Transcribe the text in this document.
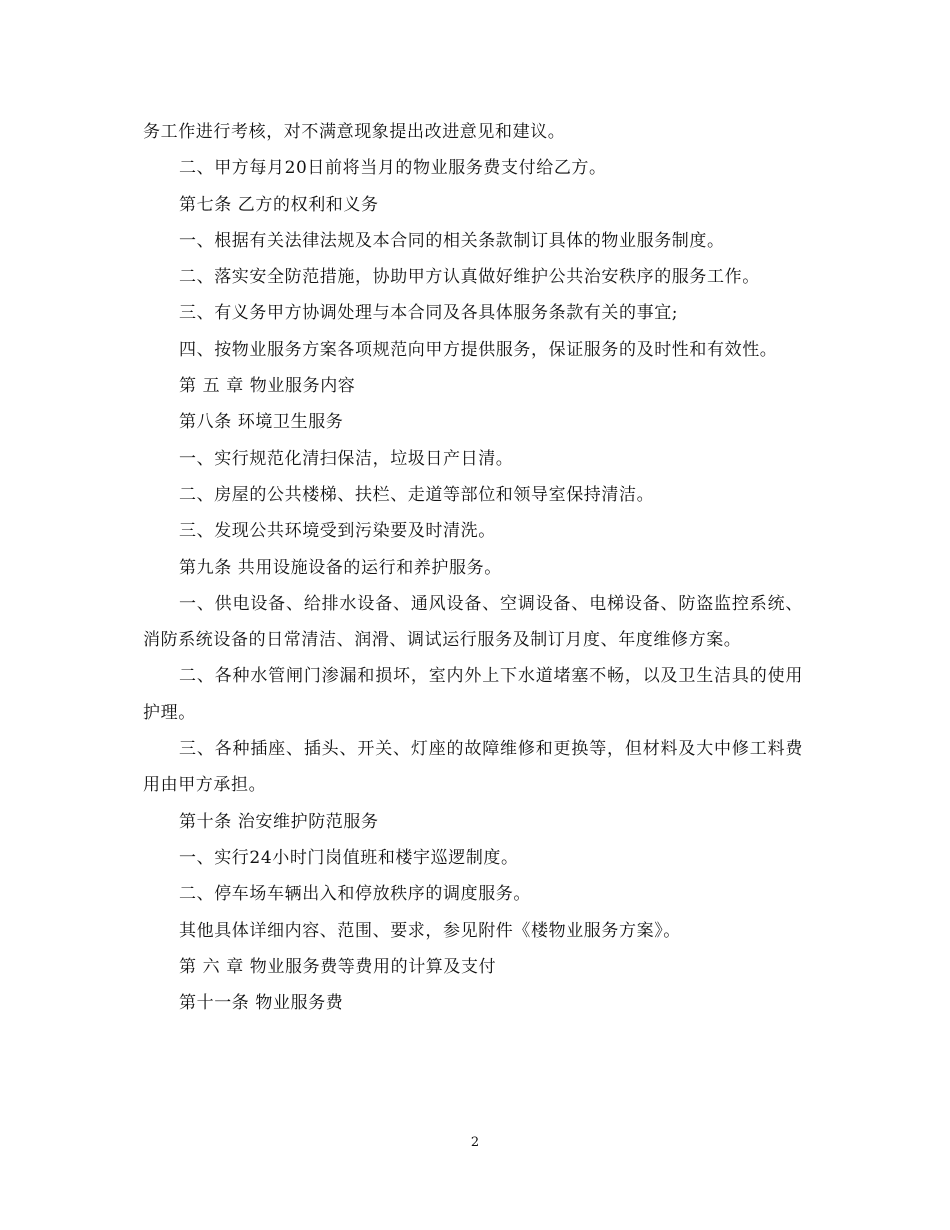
务工作进行考核，对不满意现象提出改进意见和建议。

二、甲方每月20日前将当月的物业服务费支付给乙方。

第七条 乙方的权利和义务

一、根据有关法律法规及本合同的相关条款制订具体的物业服务制度。

二、落实安全防范措施，协助甲方认真做好维护公共治安秩序的服务工作。

三、有义务甲方协调处理与本合同及各具体服务条款有关的事宜;

四、按物业服务方案各项规范向甲方提供服务，保证服务的及时性和有效性。

第 五 章 物业服务内容

第八条 环境卫生服务

一、实行规范化清扫保洁，垃圾日产日清。

二、房屋的公共楼梯、扶栏、走道等部位和领导室保持清洁。

三、发现公共环境受到污染要及时清洗。

第九条 共用设施设备的运行和养护服务。

一、供电设备、给排水设备、通风设备、空调设备、电梯设备、防盗监控系统、消防系统设备的日常清洁、润滑、调试运行服务及制订月度、年度维修方案。

二、各种水管闸门渗漏和损坏，室内外上下水道堵塞不畅，以及卫生洁具的使用护理。

三、各种插座、插头、开关、灯座的故障维修和更换等，但材料及大中修工料费用由甲方承担。

第十条 治安维护防范服务

一、实行24小时门岗值班和楼宇巡逻制度。

二、停车场车辆出入和停放秩序的调度服务。

其他具体详细内容、范围、要求，参见附件《楼物业服务方案》。

第 六 章 物业服务费等费用的计算及支付

第十一条 物业服务费

2
